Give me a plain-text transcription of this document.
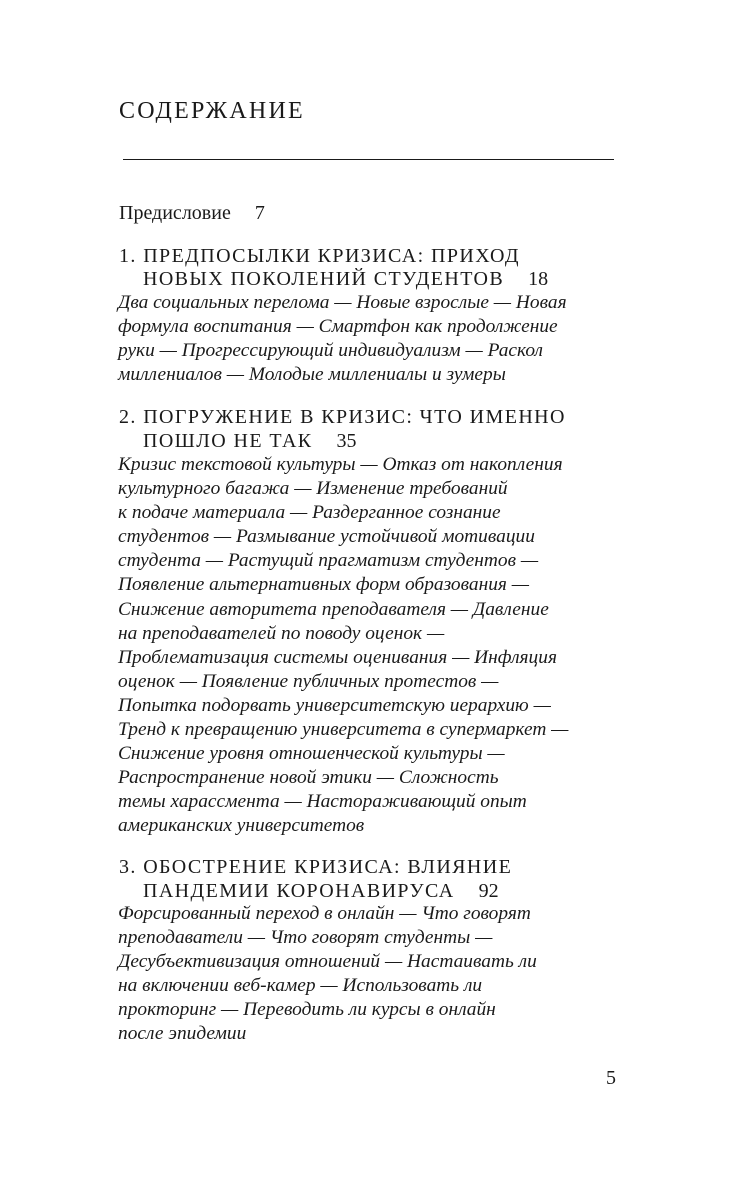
СОДЕРЖАНИЕ
Предисловие 7
1. ПРЕДПОСЫЛКИ КРИЗИСА: ПРИХОД
НОВЫХ ПОКОЛЕНИЙ СТУДЕНТОВ 18
Два социальных перелома — Новые взрослые — Новая
формула воспитания — Смартфон как продолжение
руки — Прогрессирующий индивидуализм — Раскол
миллениалов — Молодые миллениалы и зумеры
2. ПОГРУЖЕНИЕ В КРИЗИС: ЧТО ИМЕННО
ПОШЛО НЕ ТАК 35
Кризис текстовой культуры — Отказ от накопления
культурного багажа — Изменение требований
к подаче материала — Раздерганное сознание
студентов — Размывание устойчивой мотивации
студента — Растущий прагматизм студентов —
Появление альтернативных форм образования —
Снижение авторитета преподавателя — Давление
на преподавателей по поводу оценок —
Проблематизация системы оценивания — Инфляция
оценок — Появление публичных протестов —
Попытка подорвать университетскую иерархию —
Тренд к превращению университета в супермаркет —
Снижение уровня отношенческой культуры —
Распространение новой этики — Сложность
темы харассмента — Настораживающий опыт
американских университетов
3. ОБОСТРЕНИЕ КРИЗИСА: ВЛИЯНИЕ
ПАНДЕМИИ КОРОНАВИРУСА 92
Форсированный переход в онлайн — Что говорят
преподаватели — Что говорят студенты —
Десубъективизация отношений — Настаивать ли
на включении веб-камер — Использовать ли
прокторинг — Переводить ли курсы в онлайн
после эпидемии
5
